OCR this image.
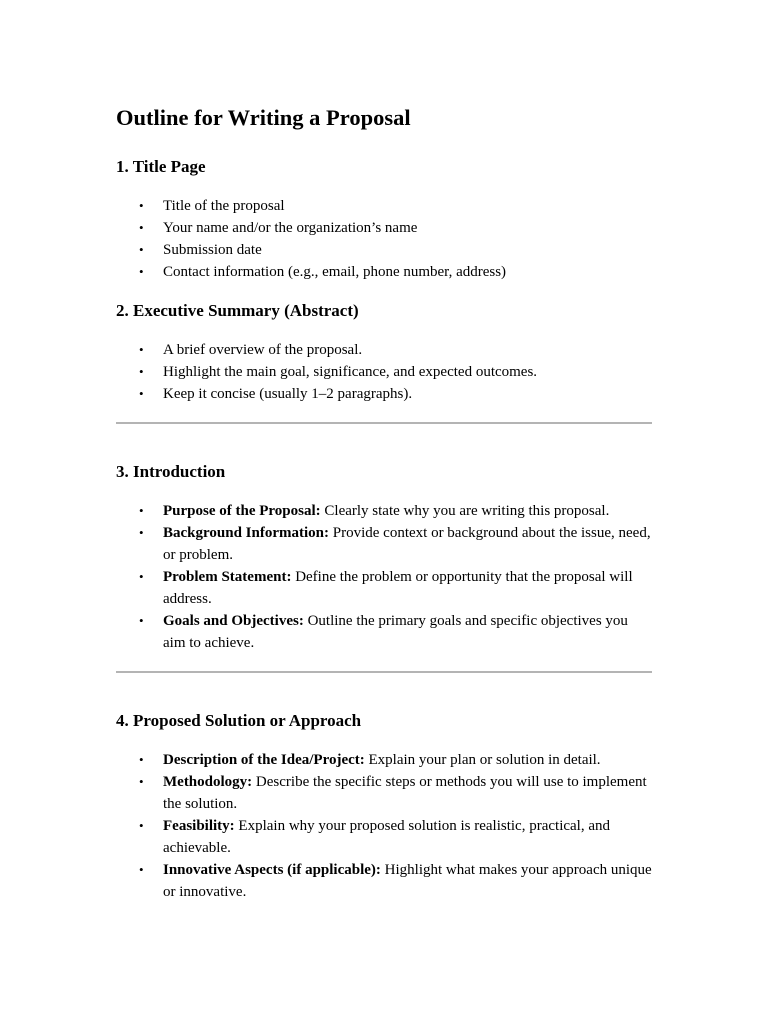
Outline for Writing a Proposal
1. Title Page
• Title of the proposal
• Your name and/or the organization’s name
• Submission date
• Contact information (e.g., email, phone number, address)
2. Executive Summary (Abstract)
• A brief overview of the proposal.
• Highlight the main goal, significance, and expected outcomes.
• Keep it concise (usually 1–2 paragraphs).
3. Introduction
• Purpose of the Proposal: Clearly state why you are writing this proposal.
• Background Information: Provide context or background about the issue, need, or problem.
• Problem Statement: Define the problem or opportunity that the proposal will address.
• Goals and Objectives: Outline the primary goals and specific objectives you aim to achieve.
4. Proposed Solution or Approach
• Description of the Idea/Project: Explain your plan or solution in detail.
• Methodology: Describe the specific steps or methods you will use to implement the solution.
• Feasibility: Explain why your proposed solution is realistic, practical, and achievable.
• Innovative Aspects (if applicable): Highlight what makes your approach unique or innovative.
